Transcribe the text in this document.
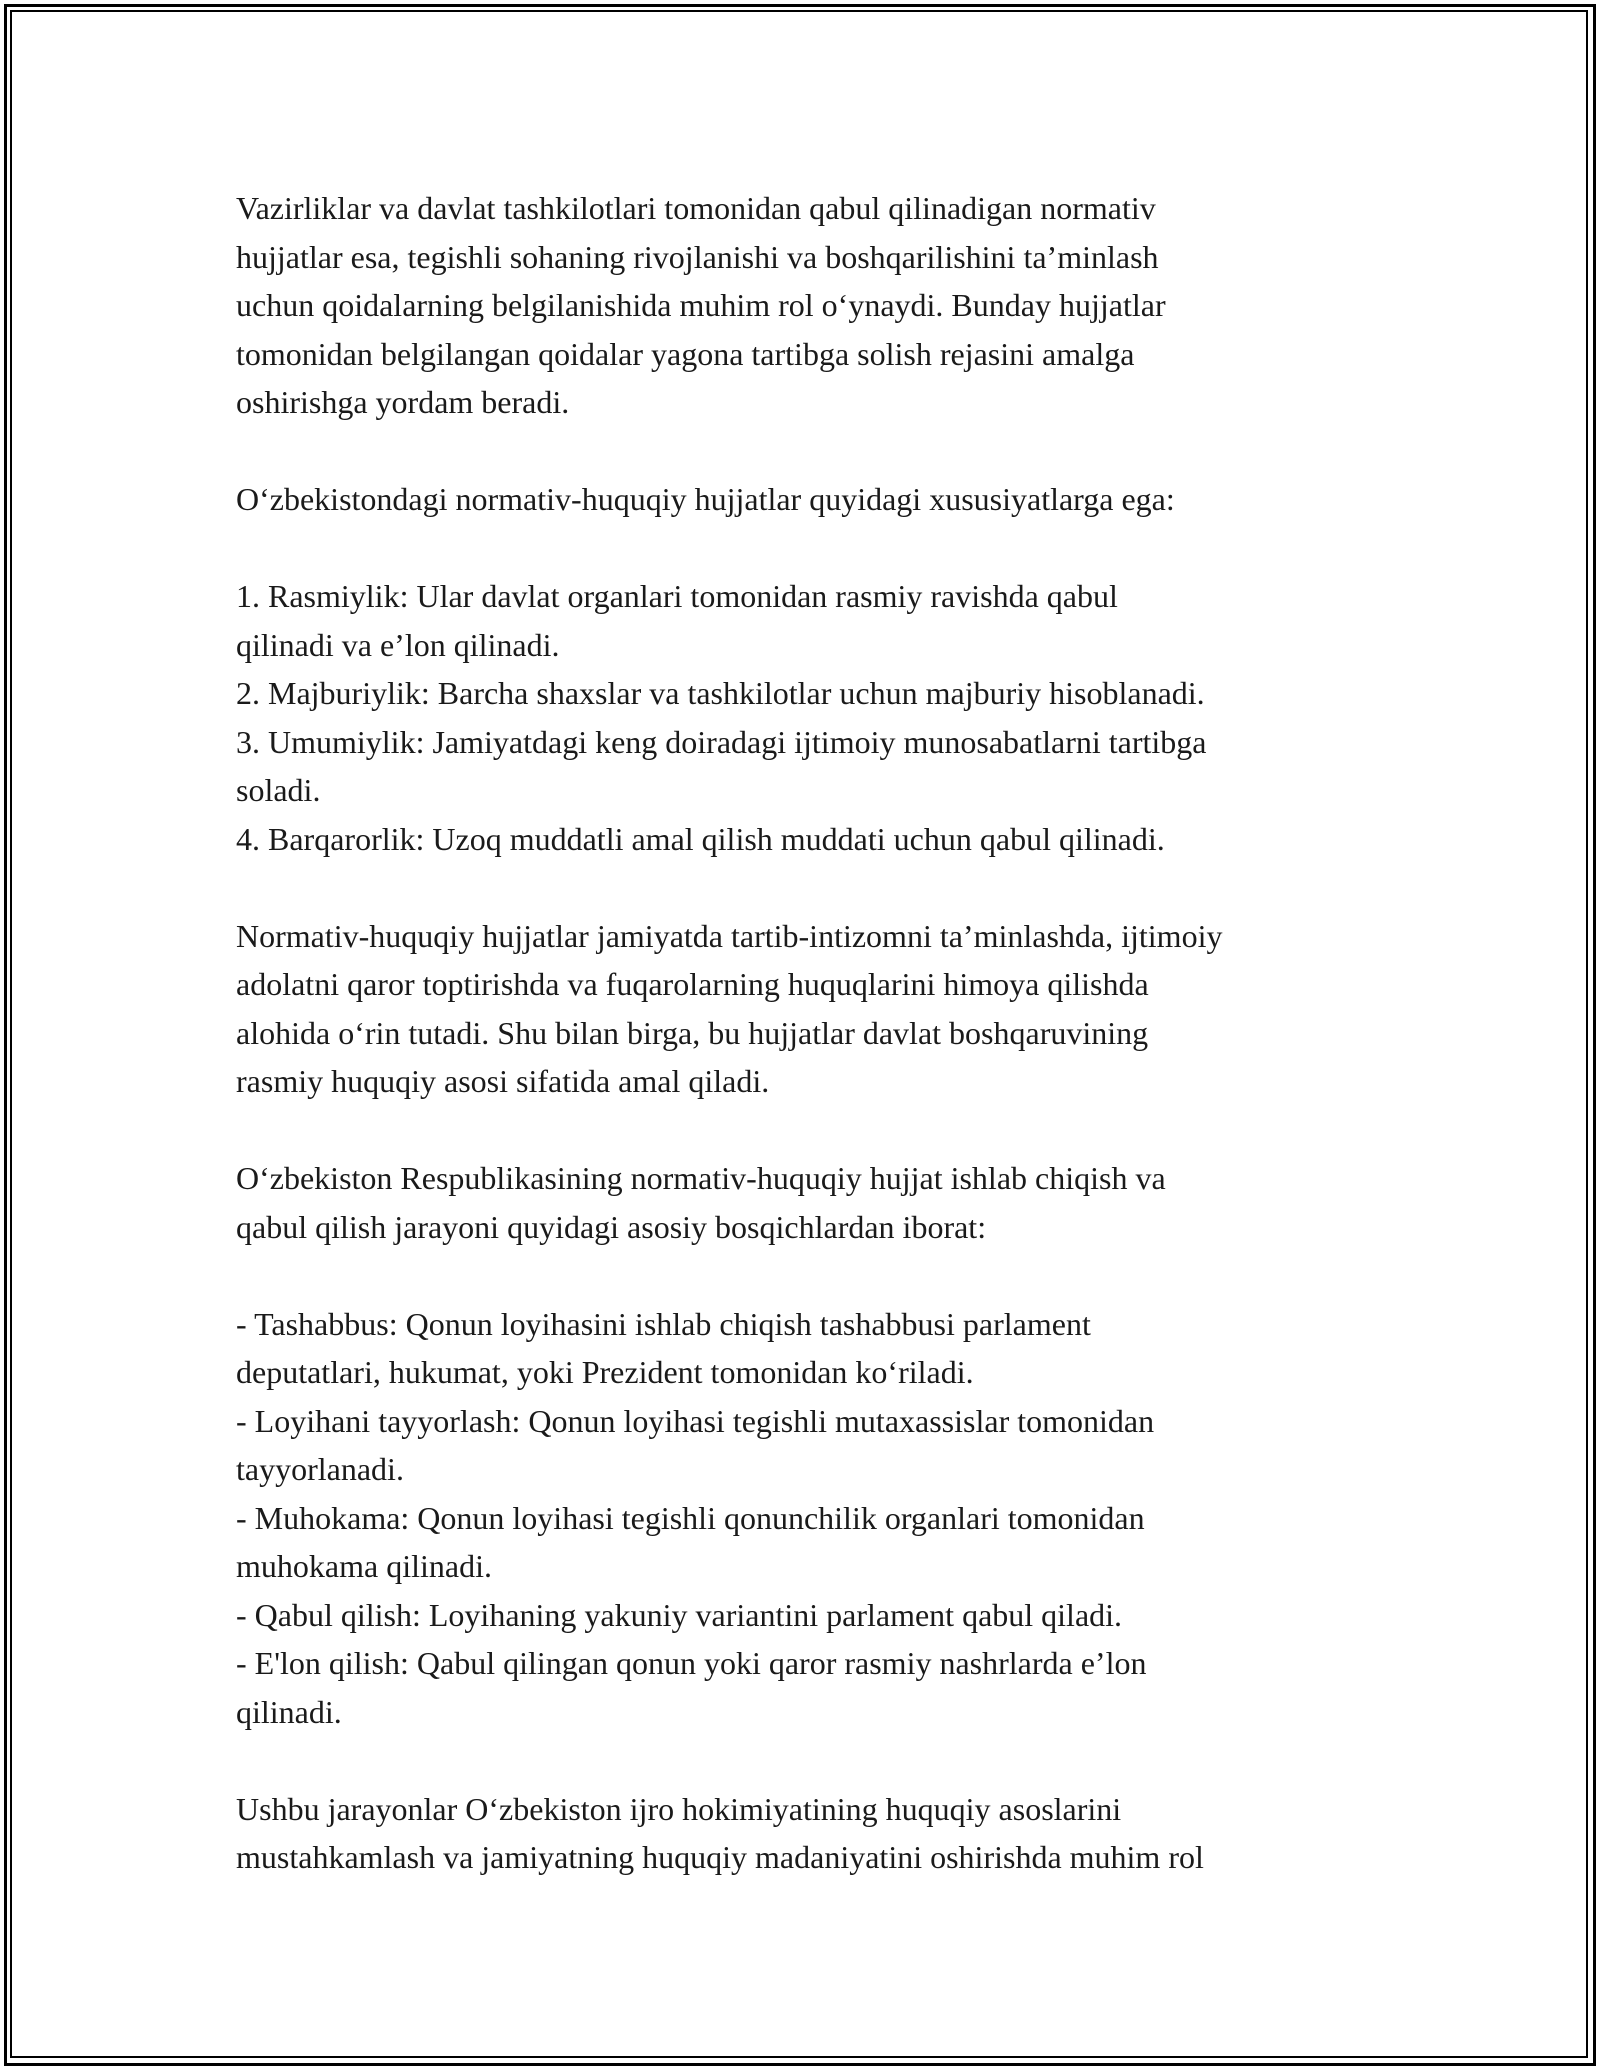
Vazirliklar va davlat tashkilotlari tomonidan qabul qilinadigan normativ
hujjatlar esa, tegishli sohaning rivojlanishi va boshqarilishini ta’minlash
uchun qoidalarning belgilanishida muhim rol o‘ynaydi. Bunday hujjatlar
tomonidan belgilangan qoidalar yagona tartibga solish rejasini amalga
oshirishga yordam beradi.
O‘zbekistondagi normativ-huquqiy hujjatlar quyidagi xususiyatlarga ega:
1. Rasmiylik: Ular davlat organlari tomonidan rasmiy ravishda qabul
qilinadi va e’lon qilinadi.
2. Majburiylik: Barcha shaxslar va tashkilotlar uchun majburiy hisoblanadi.
3. Umumiylik: Jamiyatdagi keng doiradagi ijtimoiy munosabatlarni tartibga
soladi.
4. Barqarorlik: Uzoq muddatli amal qilish muddati uchun qabul qilinadi.
Normativ-huquqiy hujjatlar jamiyatda tartib-intizomni ta’minlashda, ijtimoiy
adolatni qaror toptirishda va fuqarolarning huquqlarini himoya qilishda
alohida o‘rin tutadi. Shu bilan birga, bu hujjatlar davlat boshqaruvining
rasmiy huquqiy asosi sifatida amal qiladi.
O‘zbekiston Respublikasining normativ-huquqiy hujjat ishlab chiqish va
qabul qilish jarayoni quyidagi asosiy bosqichlardan iborat:
- Tashabbus: Qonun loyihasini ishlab chiqish tashabbusi parlament
deputatlari, hukumat, yoki Prezident tomonidan ko‘riladi.
- Loyihani tayyorlash: Qonun loyihasi tegishli mutaxassislar tomonidan
tayyorlanadi.
- Muhokama: Qonun loyihasi tegishli qonunchilik organlari tomonidan
muhokama qilinadi.
- Qabul qilish: Loyihaning yakuniy variantini parlament qabul qiladi.
- E'lon qilish: Qabul qilingan qonun yoki qaror rasmiy nashrlarda e’lon
qilinadi.
Ushbu jarayonlar O‘zbekiston ijro hokimiyatining huquqiy asoslarini
mustahkamlash va jamiyatning huquqiy madaniyatini oshirishda muhim rol
